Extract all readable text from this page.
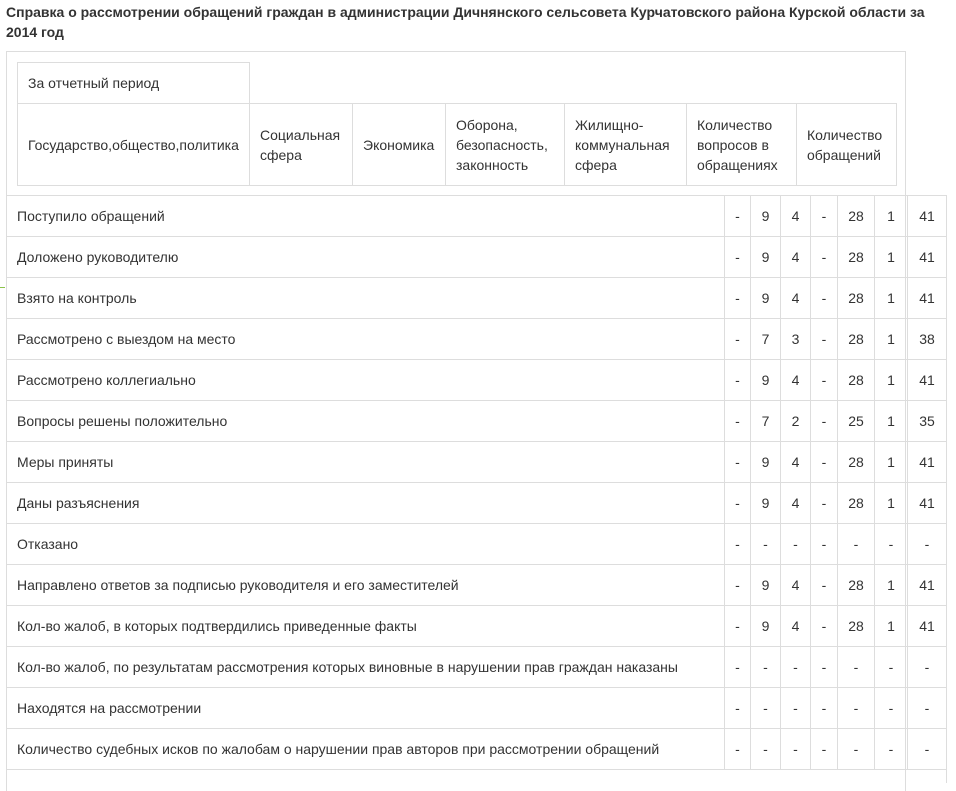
Справка о рассмотрении обращений граждан в администрации Дичнянского сельсовета Курчатовского района Курской области за 2014 год
За отчетный период						
Государство,общество,политика	Социальная сфера	Экономика	Оборона, безопасность, законность	Жилищно-коммунальная сфера	Количество вопросов в обращениях	Количество обращений
Поступило обращений	-	9	4	-	28	1	41
Доложено руководителю	-	9	4	-	28	1	41
Взято на контроль	-	9	4	-	28	1	41
Рассмотрено с выездом на место	-	7	3	-	28	1	38
Рассмотрено коллегиально	-	9	4	-	28	1	41
Вопросы решены положительно	-	7	2	-	25	1	35
Меры приняты	-	9	4	-	28	1	41
Даны разъяснения	-	9	4	-	28	1	41
Отказано	-	-	-	-	-	-	-
Направлено ответов за подписью руководителя и его заместителей	-	9	4	-	28	1	41
Кол-во жалоб, в которых подтвердились приведенные факты	-	9	4	-	28	1	41
Кол-во жалоб, по результатам рассмотрения которых виновные в нарушении прав граждан наказаны	-	-	-	-	-	-	-
Находятся на рассмотрении	-	-	-	-	-	-	-
Количество судебных исков по жалобам о нарушении прав авторов при рассмотрении обращений	-	-	-	-	-	-	-
